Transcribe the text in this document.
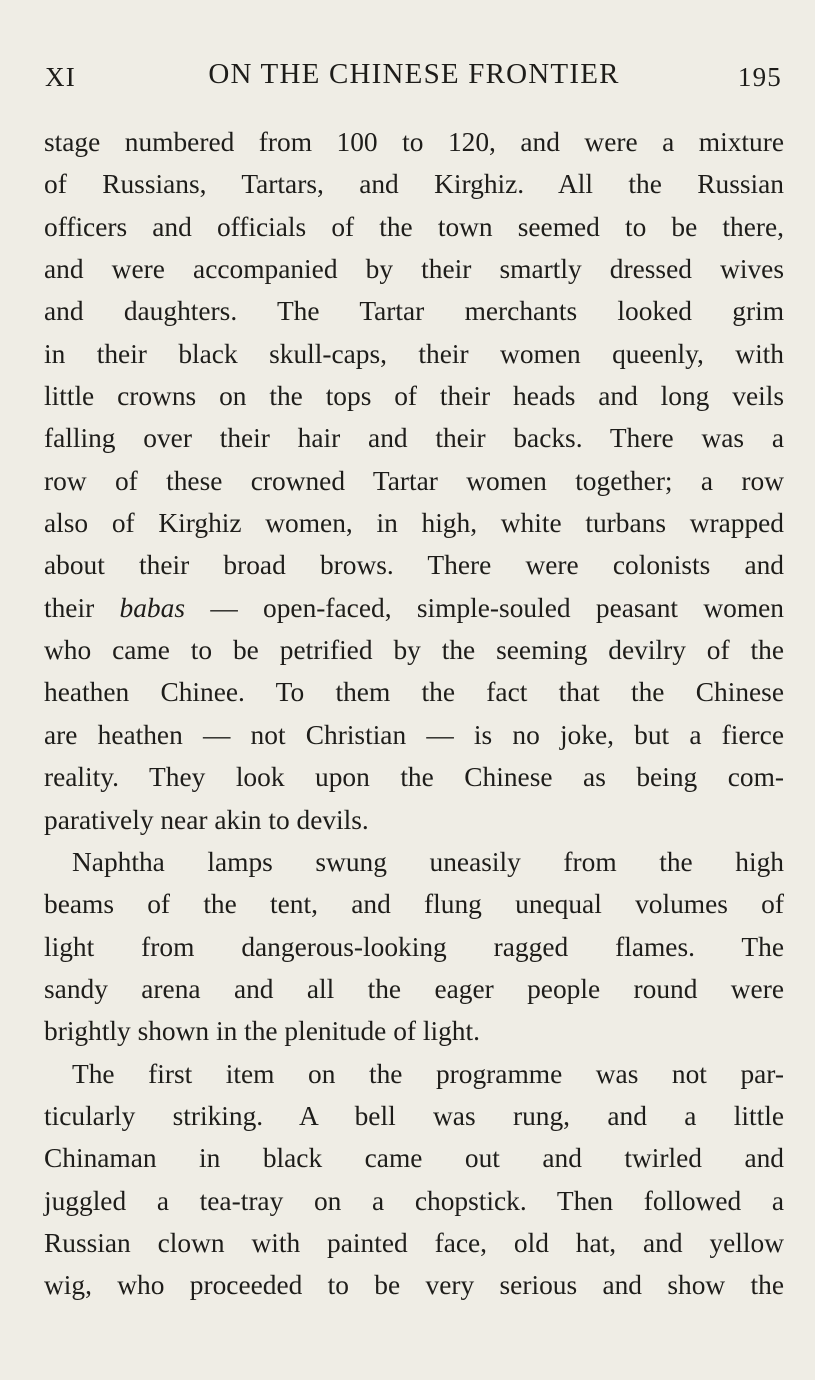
XI	ON THE CHINESE FRONTIER	195
stage numbered from 100 to 120, and were a mixture
of Russians, Tartars, and Kirghiz. All the Russian
officers and officials of the town seemed to be there,
and were accompanied by their smartly dressed wives
and daughters. The Tartar merchants looked grim
in their black skull-caps, their women queenly, with
little crowns on the tops of their heads and long veils
falling over their hair and their backs. There was a
row of these crowned Tartar women together; a row
also of Kirghiz women, in high, white turbans wrapped
about their broad brows. There were colonists and
their babas — open-faced, simple-souled peasant women
who came to be petrified by the seeming devilry of the
heathen Chinee. To them the fact that the Chinese
are heathen — not Christian — is no joke, but a fierce
reality. They look upon the Chinese as being com-
paratively near akin to devils.
Naphtha lamps swung uneasily from the high
beams of the tent, and flung unequal volumes of
light from dangerous-looking ragged flames. The
sandy arena and all the eager people round were
brightly shown in the plenitude of light.
The first item on the programme was not par-
ticularly striking. A bell was rung, and a little
Chinaman in black came out and twirled and
juggled a tea-tray on a chopstick. Then followed a
Russian clown with painted face, old hat, and yellow
wig, who proceeded to be very serious and show the
